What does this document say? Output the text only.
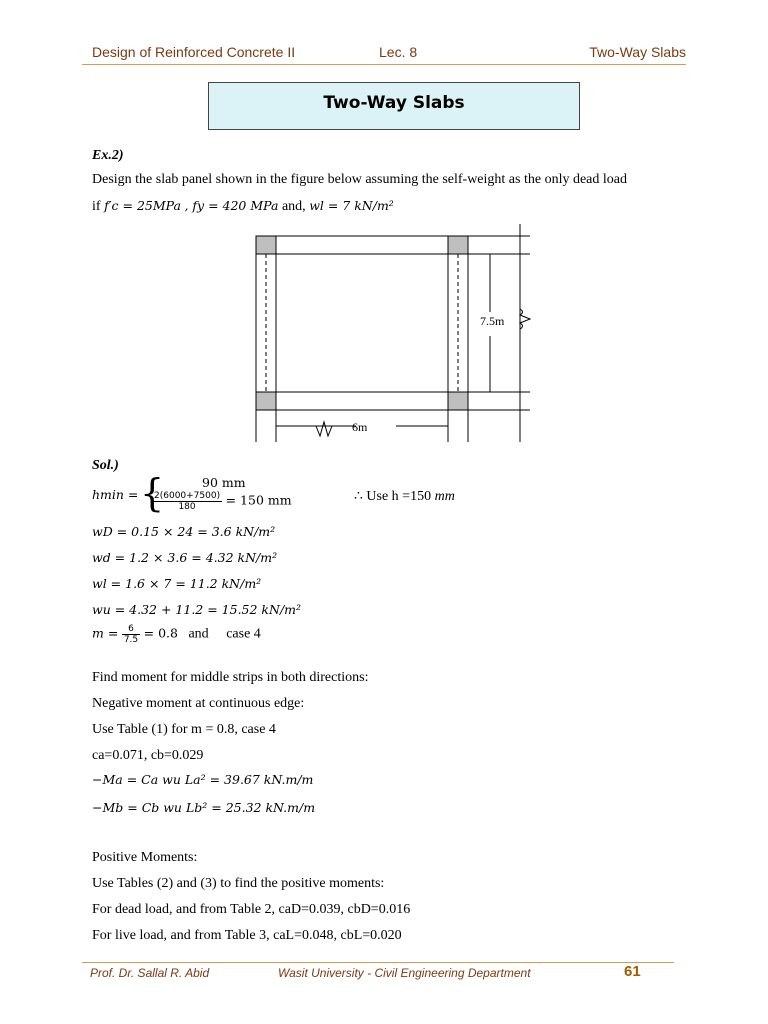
Design of Reinforced Concrete II	Lec. 8	Two-Way Slabs
Two-Way Slabs
Ex.2)
Design the slab panel shown in the figure below assuming the self-weight as the only dead load
if f′c = 25MPa , fy = 420 MPa and, wl = 7 kN/m²
7.5m
6m
Sol.)
hmin = {	90 mm
$\frac{2(6000+7500)}{180} = 150$ mm	∴ Use h =150 mm
wD = 0.15 × 24 = 3.6 kN/m²
wd = 1.2 × 3.6 = 4.32 kN/m²
wl = 1.6 × 7 = 11.2 kN/m²
wu = 4.32 + 11.2 = 15.52 kN/m²
$m = \frac{6}{7.5} = 0.8$ and case 4
Find moment for middle strips in both directions:
Negative moment at continuous edge:
Use Table (1) for m = 0.8, case 4
ca=0.071, cb=0.029
−Ma = Ca wu La² = 39.67 kN.m/m
−Mb = Cb wu Lb² = 25.32 kN.m/m
Positive Moments:
Use Tables (2) and (3) to find the positive moments:
For dead load, and from Table 2, caD=0.039, cbD=0.016
For live load, and from Table 3, caL=0.048, cbL=0.020
Prof. Dr. Sallal R. Abid	Wasit University - Civil Engineering Department	61
